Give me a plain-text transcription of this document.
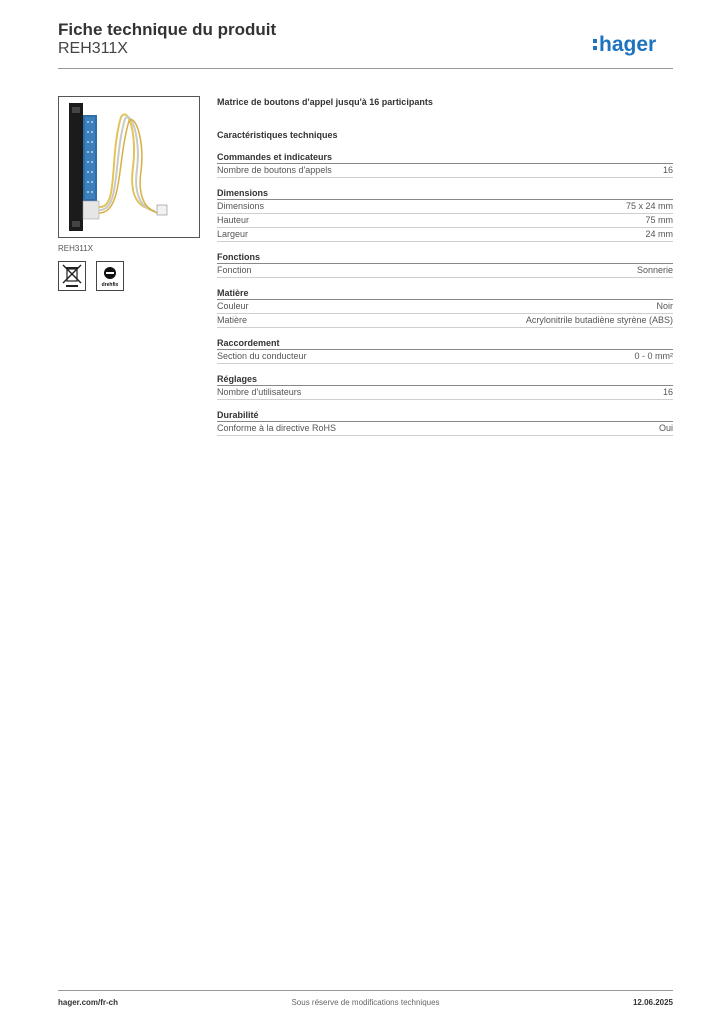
Fiche technique du produit
REH311X	hager
REH311X
drehfix
Matrice de boutons d'appel jusqu'à 16 participants
Caractéristiques techniques
Commandes et indicateurs
Nombre de boutons d'appels	16
Dimensions
Dimensions	75 x 24 mm
Hauteur	75 mm
Largeur	24 mm
Fonctions
Fonction	Sonnerie
Matière
Couleur	Noir
Matière	Acrylonitrile butadiène styrène (ABS)
Raccordement
Section du conducteur	0 - 0 mm²
Réglages
Nombre d'utilisateurs	16
Durabilité
Conforme à la directive RoHS	Oui
hager.com/fr-ch	Sous réserve de modifications techniques	12.06.2025
